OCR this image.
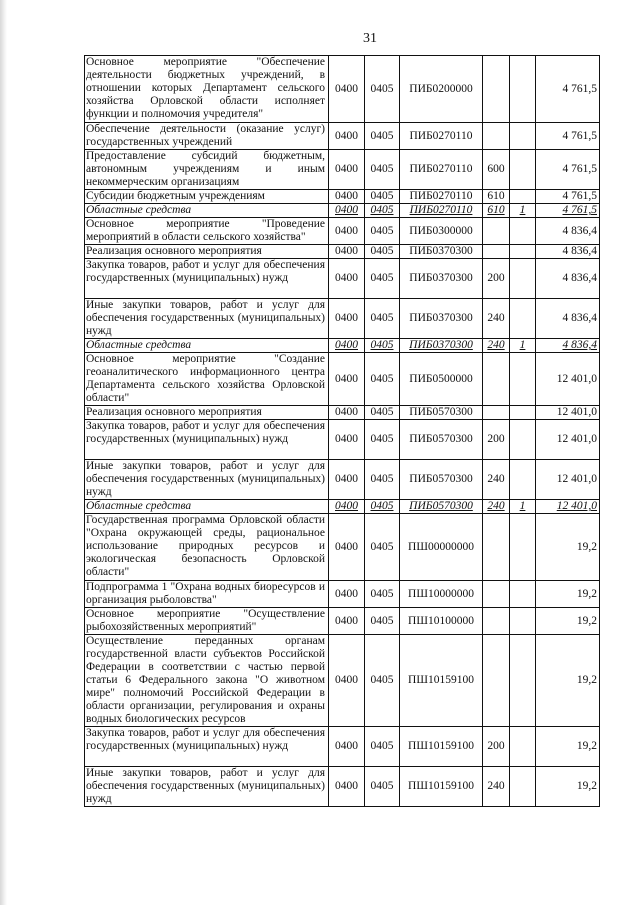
31
Основное мероприятие "Обеспечение деятельности бюджетных учреждений, в отношении которых Департамент сельского хозяйства Орловской области исполняет функции и полномочия учредителя"	0400	0405	ПИБ0200000			4 761,5
Обеспечение деятельности (оказание услуг) государственных учреждений	0400	0405	ПИБ0270110			4 761,5
Предоставление субсидий бюджетным, автономным учреждениям и иным некоммерческим организациям	0400	0405	ПИБ0270110	600		4 761,5
Субсидии бюджетным учреждениям	0400	0405	ПИБ0270110	610		4 761,5
Областные средства	0400	0405	ПИБ0270110	610	1	4 761,5
Основное мероприятие "Проведение мероприятий в области сельского хозяйства"	0400	0405	ПИБ0300000			4 836,4
Реализация основного мероприятия	0400	0405	ПИБ0370300			4 836,4
Закупка товаров, работ и услуг для обеспечения государственных (муниципальных) нужд	0400	0405	ПИБ0370300	200		4 836,4
Иные закупки товаров, работ и услуг для обеспечения государственных (муниципальных) нужд	0400	0405	ПИБ0370300	240		4 836,4
Областные средства	0400	0405	ПИБ0370300	240	1	4 836,4
Основное мероприятие "Создание геоаналитического информационного центра Департамента сельского хозяйства Орловской области"	0400	0405	ПИБ0500000			12 401,0
Реализация основного мероприятия	0400	0405	ПИБ0570300			12 401,0
Закупка товаров, работ и услуг для обеспечения государственных (муниципальных) нужд	0400	0405	ПИБ0570300	200		12 401,0
Иные закупки товаров, работ и услуг для обеспечения государственных (муниципальных) нужд	0400	0405	ПИБ0570300	240		12 401,0
Областные средства	0400	0405	ПИБ0570300	240	1	12 401,0
Государственная программа Орловской области "Охрана окружающей среды, рациональное использование природных ресурсов и экологическая безопасность Орловской области"	0400	0405	ПШ00000000			19,2
Подпрограмма 1 "Охрана водных биоресурсов и организация рыболовства"	0400	0405	ПШ10000000			19,2
Основное мероприятие "Осуществление рыбохозяйственных мероприятий"	0400	0405	ПШ10100000			19,2
Осуществление переданных органам государственной власти субъектов Российской Федерации в соответствии с частью первой статьи 6 Федерального закона "О животном мире" полномочий Российской Федерации в области организации, регулирования и охраны водных биологических ресурсов	0400	0405	ПШ10159100			19,2
Закупка товаров, работ и услуг для обеспечения государственных (муниципальных) нужд	0400	0405	ПШ10159100	200		19,2
Иные закупки товаров, работ и услуг для обеспечения государственных (муниципальных) нужд	0400	0405	ПШ10159100	240		19,2
